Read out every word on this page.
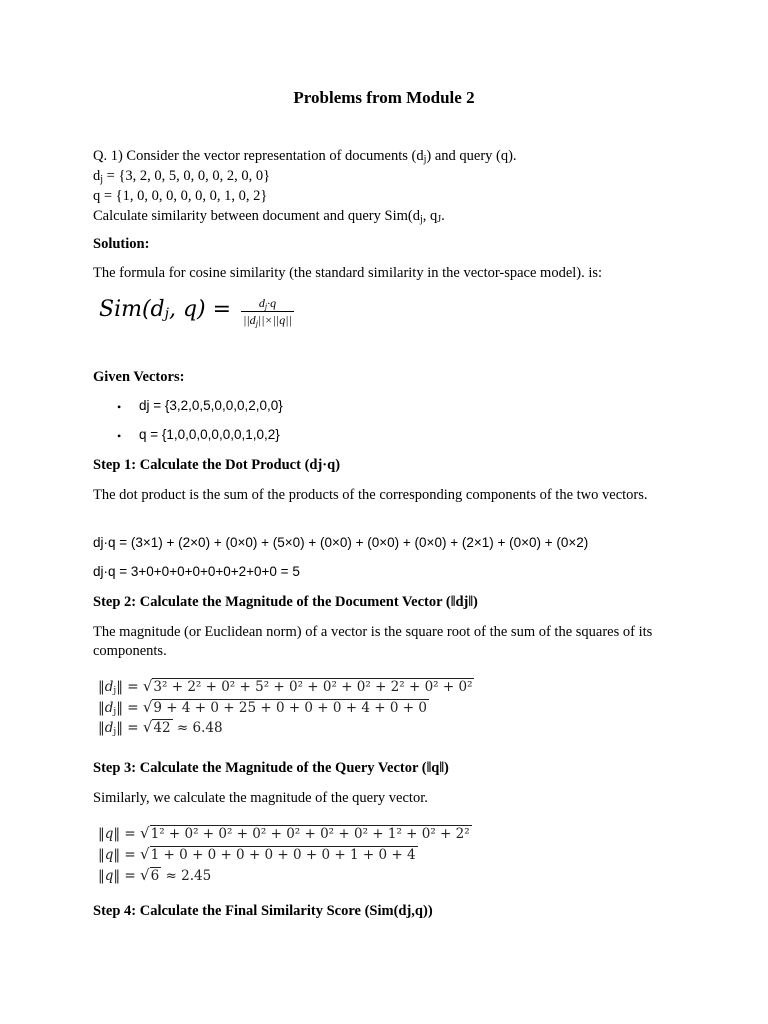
Problems from Module 2
Q. 1) Consider the vector representation of documents $(d_j)$ and query (q).
$d_j = \{3$, 2, 0, 5, 0, 0, 0, 2, 0, 0}
q = {1, 0, 0, 0, 0, 0, 0, 1, 0, 2}
Calculate similarity between document and query $Sim(d_j$, $q_J$.
Solution:
The formula for cosine similarity (the standard similarity in the vector-space model). is:
$Sim(d_j$, $q) = \frac{d_j\cdot q}{||d_j||\times||q||}$
Given Vectors:
• dj = {3,2,0,5,0,0,0,2,0,0}
• q = {1,0,0,0,0,0,0,1,0,2}
Step 1: Calculate the Dot Product (dj·q)
The dot product is the sum of the products of the corresponding components of the two vectors.
dj·q = (3×1) + (2×0) + (0×0) + (5×0) + (0×0) + (0×0) + (0×0) + (2×1) + (0×0) + (0×2)
dj·q = 3+0+0+0+0+0+0+2+0+0 = 5
Step 2: Calculate the Magnitude of the Document Vector (‖dj‖)
The magnitude (or Euclidean norm) of a vector is the square root of the sum of the squares of its components.
$‖d_j‖ = √3^2 + 2^2 + 0^2 + 5^2 + 0^2 + 0^2 + 0^2 + 2^2 + 0^2 + 0^2$
$‖d_j‖ = √9 + 4 + 0 + 25 + 0 + 0 + 0 + 4 + 0 + 0$
$‖d_j‖ = √42 \approx 6.48$
Step 3: Calculate the Magnitude of the Query Vector (‖q‖)
Similarly, we calculate the magnitude of the query vector.
‖q‖ = √1² + 0² + 0² + 0² + 0² + 0² + 0² + 1² + 0² + 2²
‖q‖ = √1 + 0 + 0 + 0 + 0 + 0 + 0 + 1 + 0 + 4
‖q‖ = √6 ≈ 2.45
Step 4: Calculate the Final Similarity Score (Sim(dj,q))
